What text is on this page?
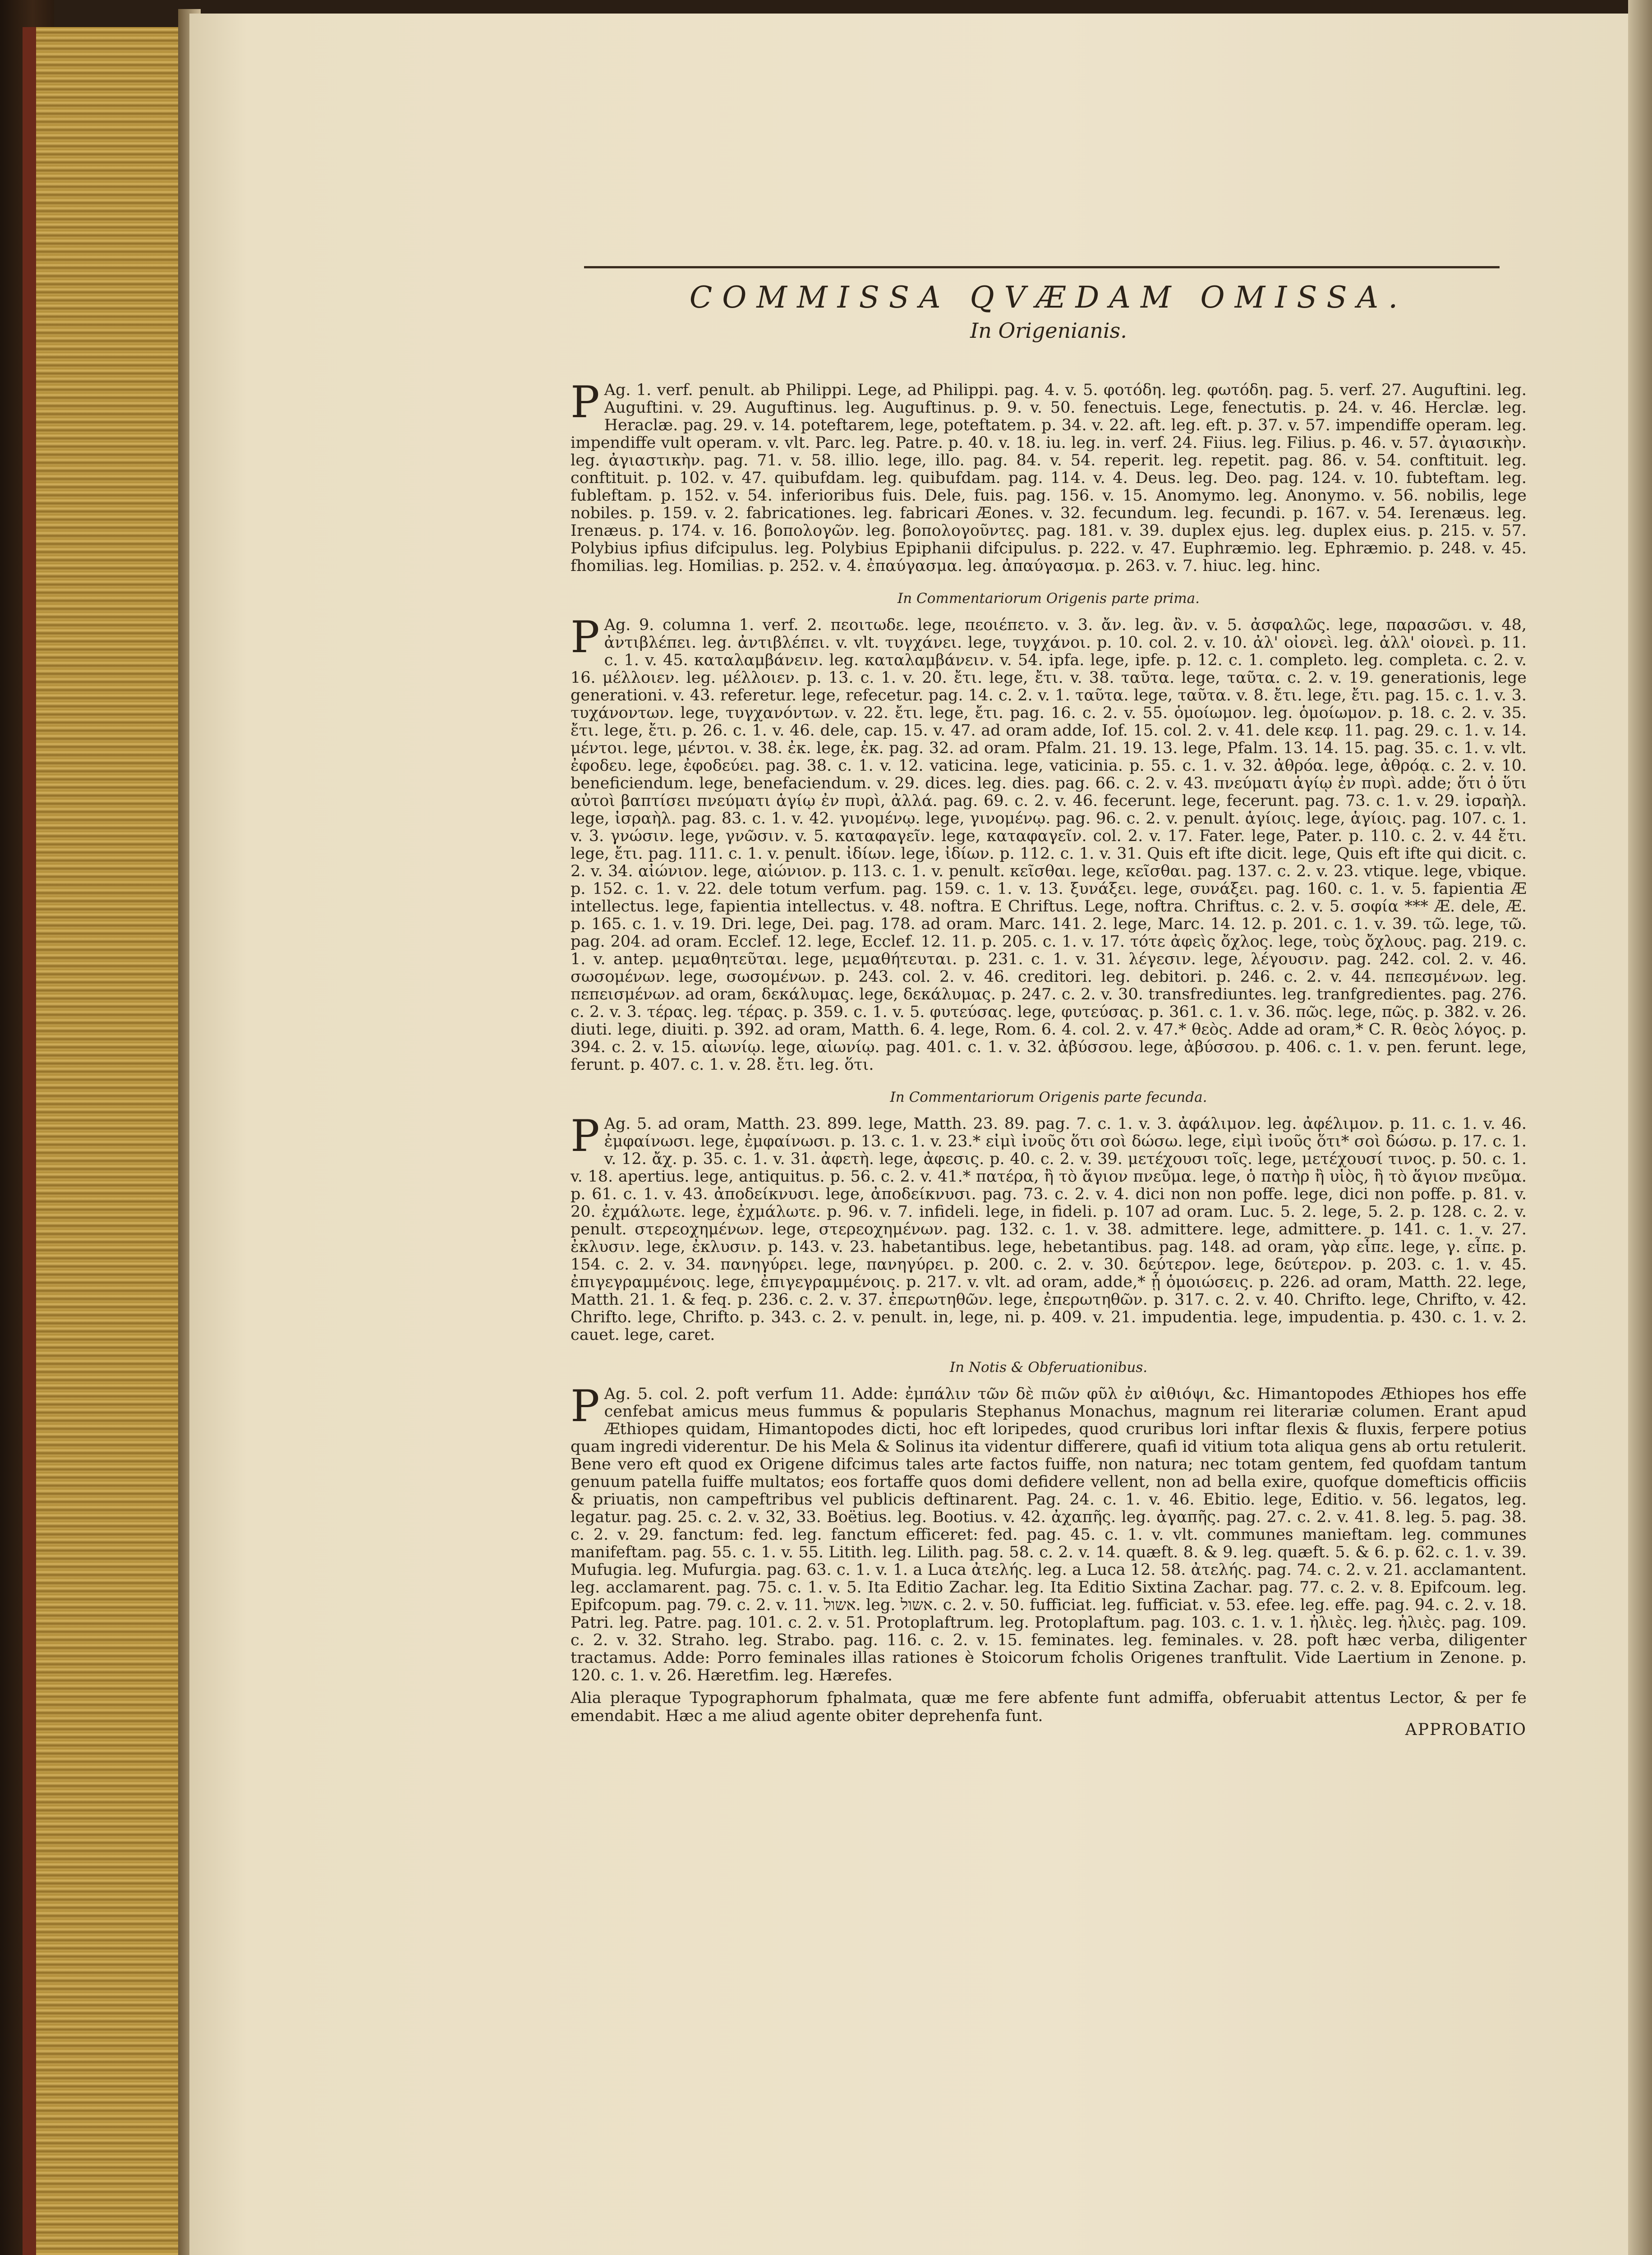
COMMISSA QVÆDAM OMISSA.
In Origenianis.

P Ag. 1. verf. penult. ab Philippi. Lege, ad Philippi. pag. 4. v. 5. φοτόδη. leg. φωτόδη. pag. 5. verf. 27. Auguftini. leg. Auguftini. v. 29. Auguftinus. leg. Auguftinus. p. 9. v. 50. fenectuis. Lege, fenectutis. p. 24. v. 46. Herclæ. leg. Heraclæ. pag. 29. v. 14. poteftarem, lege, poteftatem. p. 34. v. 22. aft. leg. eft. p. 37. v. 57. impendiffe operam. leg. impendiffe vult operam. v. vlt. Parc. leg. Patre. p. 40. v. 18. iu. leg. in. verf. 24. Fiius. leg. Filius. p. 46. v. 57. ἀγιασικὴν. leg. ἀγιαστικὴν. pag. 71. v. 58. illio. lege, illo. pag. 84. v. 54. reperit. leg. repetit. pag. 86. v. 54. conftituit. leg. conftituit. p. 102. v. 47. quibufdam. leg. quibufdam. pag. 114. v. 4. Deus. leg. Deo. pag. 124. v. 10. fubteftam. leg. fubleftam. p. 152. v. 54. inferioribus fuis. Dele, fuis. pag. 156. v. 15. Anomymo. leg. Anonymo. v. 56. nobilis, lege nobiles. p. 159. v. 2. fabricationes. leg. fabricari Æones. v. 32. fecundum. leg. fecundi. p. 167. v. 54. Ierenæus. leg. Irenæus. p. 174. v. 16. βοπολογῶν. leg. βοπολογοῦντες. pag. 181. v. 39. duplex ejus. leg. duplex eius. p. 215. v. 57. Polybius ipfius difcipulus. leg. Polybius Epiphanii difcipulus. p. 222. v. 47. Euphræmio. leg. Ephræmio. p. 248. v. 45. fhomilias. leg. Homilias. p. 252. v. 4. ἐπαύγασμα. leg. ἀπαύγασμα. p. 263. v. 7. hiuc. leg. hinc.

In Commentariorum Origenis parte prima.

P Ag. 9. columna 1. verf. 2. πεοιτωδε. lege, πεοιέπετο. v. 3. ἄν. leg. ἂν. v. 5. ἀσφαλῶς. lege, παρασῶσι. v. 48, ἀντιβλέπει. leg. ἀντιβλέπει. v. vlt. τυγχάνει. lege, τυγχάνοι. p. 10. col. 2. v. 10. ἀλ' οἰονεὶ. leg. ἀλλ' οἰονεὶ. p. 11. c. 1. v. 45. καταλαμβάνειν. leg. καταλαμβάνειν. v. 54. ipfa. lege, ipfe. p. 12. c. 1. completo. leg. completa. c. 2. v. 16. μέλλοιεν. leg. μέλλοιεν. p. 13. c. 1. v. 20. ἔτι. lege, ἔτι. v. 38. ταῦτα. lege, ταῦτα. c. 2. v. 19. generationis, lege generationi. v. 43. referetur. lege, refecetur. pag. 14. c. 2. v. 1. ταῦτα. lege, ταῦτα. v. 8. ἔτι. lege, ἔτι. pag. 15. c. 1. v. 3. τυχάνοντων. lege, τυγχανόντων. v. 22. ἔτι. lege, ἔτι. pag. 16. c. 2. v. 55. ὁμοίωμον. leg. ὁμοίωμον. p. 18. c. 2. v. 35. ἔτι. lege, ἔτι. p. 26. c. 1. v. 46. dele, cap. 15. v. 47. ad oram adde, Iof. 15. col. 2. v. 41. dele κεφ. 11. pag. 29. c. 1. v. 14. μέντοι. lege, μέντοι. v. 38. ἐκ. lege, ἐκ. pag. 32. ad oram. Pfalm. 21. 19. 13. lege, Pfalm. 13. 14. 15. pag. 35. c. 1. v. vlt. ἐφοδευ. lege, ἐφοδεύει. pag. 38. c. 1. v. 12. vaticina. lege, vaticinia. p. 55. c. 1. v. 32. ἀθρόα. lege, ἀθρόᾳ. c. 2. v. 10. beneficiendum. lege, benefaciendum. v. 29. dices. leg. dies. pag. 66. c. 2. v. 43. πνεύματι ἁγίῳ ἐν πυρὶ. adde; ὅτι ὁ ὕτι αὐτοὶ βαπτίσει πνεύματι ἁγίῳ ἐν πυρὶ, ἀλλά. pag. 69. c. 2. v. 46. fecerunt. lege, fecerunt. pag. 73. c. 1. v. 29. ἰσραὴλ. lege, ἰσραὴλ. pag. 83. c. 1. v. 42. γινομένῳ. lege, γινομένῳ. pag. 96. c. 2. v. penult. ἁγίοις. lege, ἁγίοις. pag. 107. c. 1. v. 3. γνώσιν. lege, γνῶσιν. v. 5. καταφαγεῖν. lege, καταφαγεῖν. col. 2. v. 17. Fater. lege, Pater. p. 110. c. 2. v. 44 ἔτι. lege, ἔτι. pag. 111. c. 1. v. penult. ἰδίων. lege, ἰδίων. p. 112. c. 1. v. 31. Quis eft ifte dicit. lege, Quis eft ifte qui dicit. c. 2. v. 34. αἰώνιον. lege, αἰώνιον. p. 113. c. 1. v. penult. κεῖσθαι. lege, κεῖσθαι. pag. 137. c. 2. v. 23. vtique. lege, vbique. p. 152. c. 1. v. 22. dele totum verfum. pag. 159. c. 1. v. 13. ξυνάξει. lege, συνάξει. pag. 160. c. 1. v. 5. fapientia Æ intellectus. lege, fapientia intellectus. v. 48. noftra. E Chriftus. Lege, noftra. Chriftus. c. 2. v. 5. σοφία *** Æ. dele, Æ. p. 165. c. 1. v. 19. Dri. lege, Dei. pag. 178. ad oram. Marc. 141. 2. lege, Marc. 14. 12. p. 201. c. 1. v. 39. τῶ. lege, τῶ. pag. 204. ad oram. Ecclef. 12. lege, Ecclef. 12. 11. p. 205. c. 1. v. 17. τότε ἀφεὶς ὄχλος. lege, τοὺς ὄχλους. pag. 219. c. 1. v. antep. μεμαθητεῦται. lege, μεμαθήτευται. p. 231. c. 1. v. 31. λέγεσιν. lege, λέγουσιν. pag. 242. col. 2. v. 46. σωσομένων. lege, σωσομένων. p. 243. col. 2. v. 46. creditori. leg. debitori. p. 246. c. 2. v. 44. πεπεσμένων. leg. πεπεισμένων. ad oram, δεκάλυμας. lege, δεκάλυμας. p. 247. c. 2. v. 30. transfrediuntes. leg. tranfgredientes. pag. 276. c. 2. v. 3. τέρας. leg. τέρας. p. 359. c. 1. v. 5. φυτεύσας. lege, φυτεύσας. p. 361. c. 1. v. 36. πῶς. lege, πῶς. p. 382. v. 26. diuti. lege, diuiti. p. 392. ad oram, Matth. 6. 4. lege, Rom. 6. 4. col. 2. v. 47.* θεὸς. Adde ad oram,* C. R. θεὸς λόγος. p. 394. c. 2. v. 15. αἰωνίῳ. lege, αἰωνίῳ. pag. 401. c. 1. v. 32. ἀβύσσου. lege, ἀβύσσου. p. 406. c. 1. v. pen. ferunt. lege, ferunt. p. 407. c. 1. v. 28. ἔτι. leg. ὅτι.

In Commentariorum Origenis parte fecunda.

P Ag. 5. ad oram, Matth. 23. 899. lege, Matth. 23. 89. pag. 7. c. 1. v. 3. ἀφάλιμον. leg. ἀφέλιμον. p. 11. c. 1. v. 46. ἐμφαίνωσι. lege, ἐμφαίνωσι. p. 13. c. 1. v. 23.* εἰμὶ ἰνοῦς ὅτι σοὶ δώσω. lege, εἰμὶ ἰνοῦς ὅτι* σοὶ δώσω. p. 17. c. 1. v. 12. ἄχ. p. 35. c. 1. v. 31. ἀφετὴ. lege, ἀφεσις. p. 40. c. 2. v. 39. μετέχουσι τοῖς. lege, μετέχουσί τινος. p. 50. c. 1. v. 18. apertius. lege, antiquitus. p. 56. c. 2. v. 41.* πατέρα, ἢ τὸ ἅγιον πνεῦμα. lege, ὁ πατὴρ ἢ υἱὸς, ἢ τὸ ἅγιον πνεῦμα. p. 61. c. 1. v. 43. ἀποδείκνυσι. lege, ἀποδείκνυσι. pag. 73. c. 2. v. 4. dici non non poffe. lege, dici non poffe. p. 81. v. 20. ἐχμάλωτε. lege, ἐχμάλωτε. p. 96. v. 7. infideli. lege, in fideli. p. 107 ad oram. Luc. 5. 2. lege, 5. 2. p. 128. c. 2. v. penult. στερεοχημένων. lege, στερεοχημένων. pag. 132. c. 1. v. 38. admittere. lege, admittere. p. 141. c. 1. v. 27. ἐκλυσιν. lege, ἐκλυσιν. p. 143. v. 23. habetantibus. lege, hebetantibus. pag. 148. ad oram, γὰρ εἶπε. lege, γ. εἶπε. p. 154. c. 2. v. 34. πανηγύρει. lege, πανηγύρει. p. 200. c. 2. v. 30. δεύτερον. lege, δεύτερον. p. 203. c. 1. v. 45. ἐπιγεγραμμένοις. lege, ἐπιγεγραμμένοις. p. 217. v. vlt. ad oram, adde,* ᾗ ὁμοιώσεις. p. 226. ad oram, Matth. 22. lege, Matth. 21. 1. & feq. p. 236. c. 2. v. 37. ἐπερωτηθῶν. lege, ἐπερωτηθῶν. p. 317. c. 2. v. 40. Chrifto. lege, Chrifto, v. 42. Chrifto. lege, Chrifto. p. 343. c. 2. v. penult. in, lege, ni. p. 409. v. 21. impudentia. lege, impudentia. p. 430. c. 1. v. 2. cauet. lege, caret.

In Notis & Obferuationibus.

P Ag. 5. col. 2. poft verfum 11. Adde: ἐμπάλιν τῶν δὲ πιῶν φῦλ ἐν αἰθιόψι, &c. Himantopodes Æthiopes hos effe cenfebat amicus meus fummus & popularis Stephanus Monachus, magnum rei literariæ columen. Erant apud Æthiopes quidam, Himantopodes dicti, hoc eft loripedes, quod cruribus lori inftar flexis & fluxis, ferpere potius quam ingredi viderentur. De his Mela & Solinus ita videntur differere, quafi id vitium tota aliqua gens ab ortu retulerit. Bene vero eft quod ex Origene difcimus tales arte factos fuiffe, non natura; nec totam gentem, fed quofdam tantum genuum patella fuiffe multatos; eos fortaffe quos domi defidere vellent, non ad bella exire, quofque domefticis officiis & priuatis, non campeftribus vel publicis deftinarent. Pag. 24. c. 1. v. 46. Ebitio. lege, Editio. v. 56. legatos, leg. legatur. pag. 25. c. 2. v. 32, 33. Boëtius. leg. Bootius. v. 42. ἀχαπῆς. leg. ἀγαπῆς. pag. 27. c. 2. v. 41. 8. leg. 5. pag. 38. c. 2. v. 29. fanctum: fed. leg. fanctum efficeret: fed. pag. 45. c. 1. v. vlt. communes manieftam. leg. communes manifeftam. pag. 55. c. 1. v. 55. Litith. leg. Lilith. pag. 58. c. 2. v. 14. quæft. 8. & 9. leg. quæft. 5. & 6. p. 62. c. 1. v. 39. Mufugia. leg. Mufurgia. pag. 63. c. 1. v. 1. a Luca ἀτελής. leg. a Luca 12. 58. ἀτελής. pag. 74. c. 2. v. 21. acclamantent. leg. acclamarent. pag. 75. c. 1. v. 5. Ita Editio Zachar. leg. Ita Editio Sixtina Zachar. pag. 77. c. 2. v. 8. Epifcoum. leg. Epifcopum. pag. 79. c. 2. v. 11. אשול. leg. אשול. c. 2. v. 50. fufficiat. leg. fufficiat. v. 53. efee. leg. effe. pag. 94. c. 2. v. 18. Patri. leg. Patre. pag. 101. c. 2. v. 51. Protoplaftrum. leg. Protoplaftum. pag. 103. c. 1. v. 1. ἠλιὲς. leg. ἠλιὲς. pag. 109. c. 2. v. 32. Straho. leg. Strabo. pag. 116. c. 2. v. 15. feminates. leg. feminales. v. 28. poft hæc verba, diligenter tractamus. Adde: Porro feminales illas rationes è Stoicorum fcholis Origenes tranftulit. Vide Laertium in Zenone. p. 120. c. 1. v. 26. Hæretfim. leg. Hærefes.

Alia pleraque Typographorum fphalmata, quæ me fere abfente funt admiffa, obferuabit attentus Lector, & per fe emendabit. Hæc a me aliud agente obiter deprehenfa funt.

APPROBATIO
